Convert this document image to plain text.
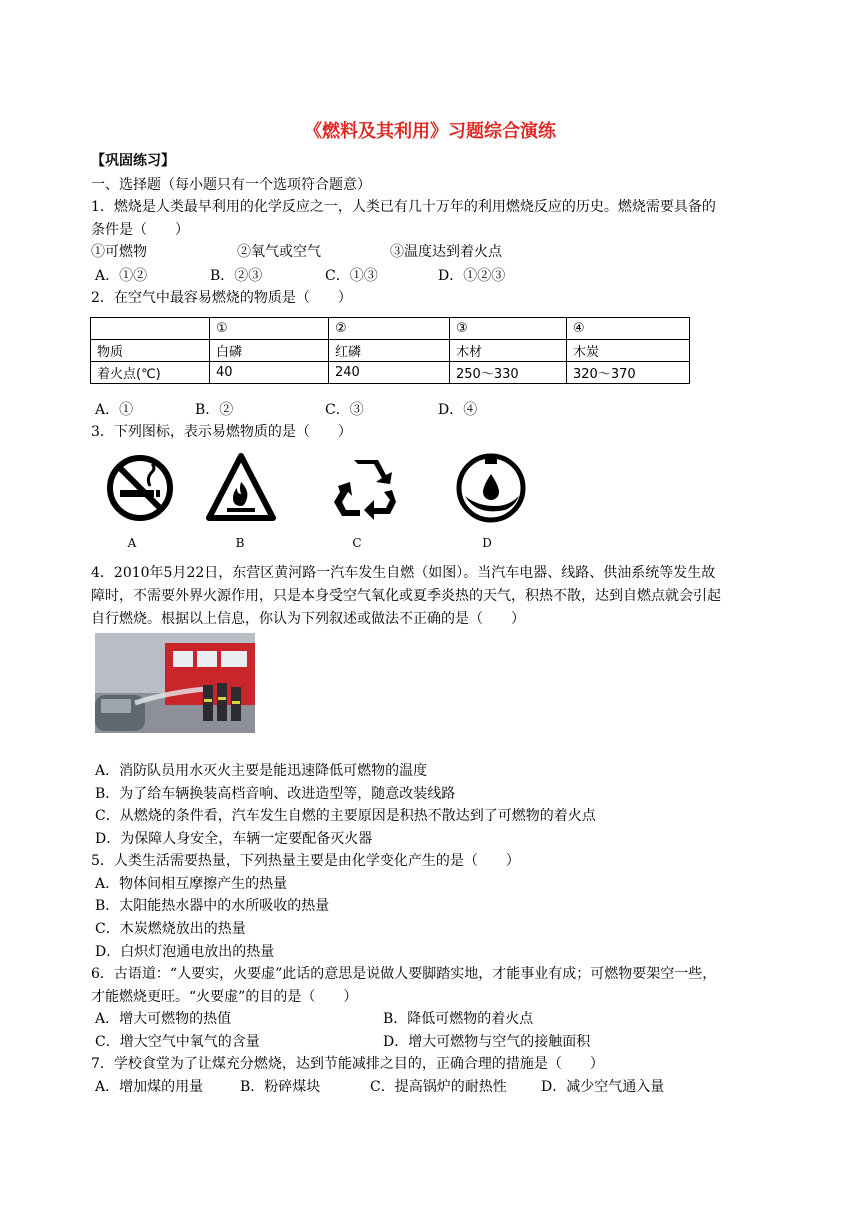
《燃料及其利用》习题综合演练
【巩固练习】
一、选择题（每小题只有一个选项符合题意）
1．燃烧是人类最早利用的化学反应之一，人类已有几十万年的利用燃烧反应的历史。燃烧需要具备的
条件是（　　）
①可燃物	②氧气或空气	③温度达到着火点
A．①②	B．②③	C．①③	D．①②③
2．在空气中最容易燃烧的物质是（　　）
	①	②	③	④
物质	白磷	红磷	木材	木炭
着火点(℃)	40	240	250～330	320～370
A．①	B．②	C．③	D．④
3．下列图标，表示易燃物质的是（　　）
A	B	C	D
4．2010年5月22日，东营区黄河路一汽车发生自燃（如图）。当汽车电器、线路、供油系统等发生故
障时，不需要外界火源作用，只是本身受空气氧化或夏季炎热的天气，积热不散，达到自燃点就会引起
自行燃烧。根据以上信息，你认为下列叙述或做法不正确的是（　　）
A．消防队员用水灭火主要是能迅速降低可燃物的温度
B．为了给车辆换装高档音响、改进造型等，随意改装线路
C．从燃烧的条件看，汽车发生自燃的主要原因是积热不散达到了可燃物的着火点
D．为保障人身安全，车辆一定要配备灭火器
5．人类生活需要热量，下列热量主要是由化学变化产生的是（　　）
A．物体间相互摩擦产生的热量
B．太阳能热水器中的水所吸收的热量
C．木炭燃烧放出的热量
D．白炽灯泡通电放出的热量
6．古语道：“人要实，火要虚”此话的意思是说做人要脚踏实地，才能事业有成；可燃物要架空一些，
才能燃烧更旺。“火要虚”的目的是（　　）
A．增大可燃物的热值	B．降低可燃物的着火点
C．增大空气中氧气的含量	D．增大可燃物与空气的接触面积
7．学校食堂为了让煤充分燃烧，达到节能减排之目的，正确合理的措施是（　　）
A．增加煤的用量	B．粉碎煤块	C．提高锅炉的耐热性 D．减少空气通入量
